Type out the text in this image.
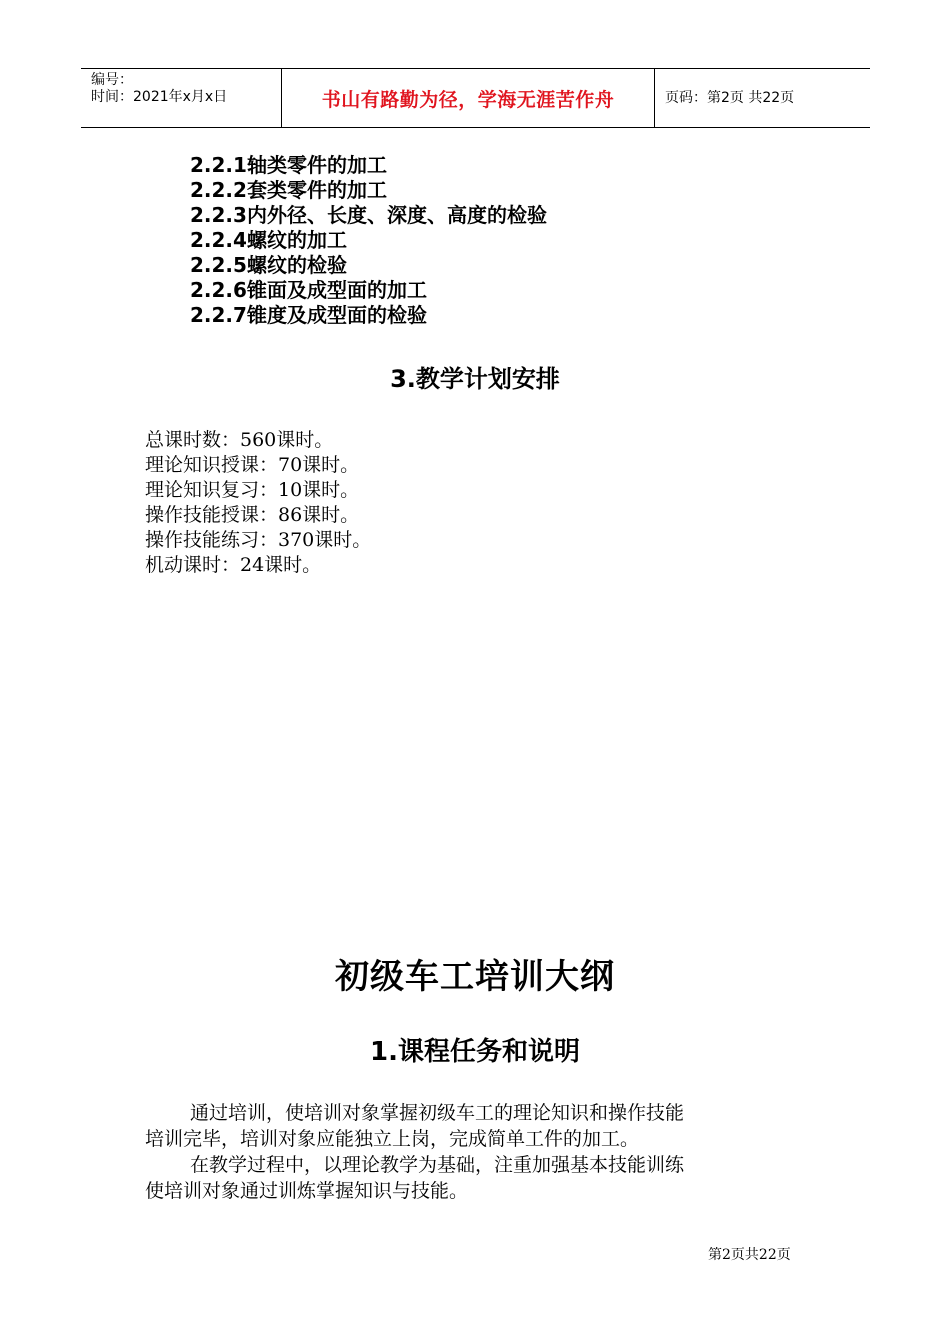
编号：
时间：2021年x月x日	书山有路勤为径，学海无涯苦作舟	页码：第2页 共22页
2.2.1轴类零件的加工
2.2.2套类零件的加工
2.2.3内外径、长度、深度、高度的检验
2.2.4螺纹的加工
2.2.5螺纹的检验
2.2.6锥面及成型面的加工
2.2.7锥度及成型面的检验
3.教学计划安排
总课时数：560课时。
理论知识授课：70课时。
理论知识复习：10课时。
操作技能授课：86课时。
操作技能练习：370课时。
机动课时：24课时。
初级车工培训大纲
1.课程任务和说明
通过培训，使培训对象掌握初级车工的理论知识和操作技能
培训完毕，培训对象应能独立上岗，完成简单工件的加工。
在教学过程中，以理论教学为基础，注重加强基本技能训练
使培训对象通过训炼掌握知识与技能。
第2页共22页
